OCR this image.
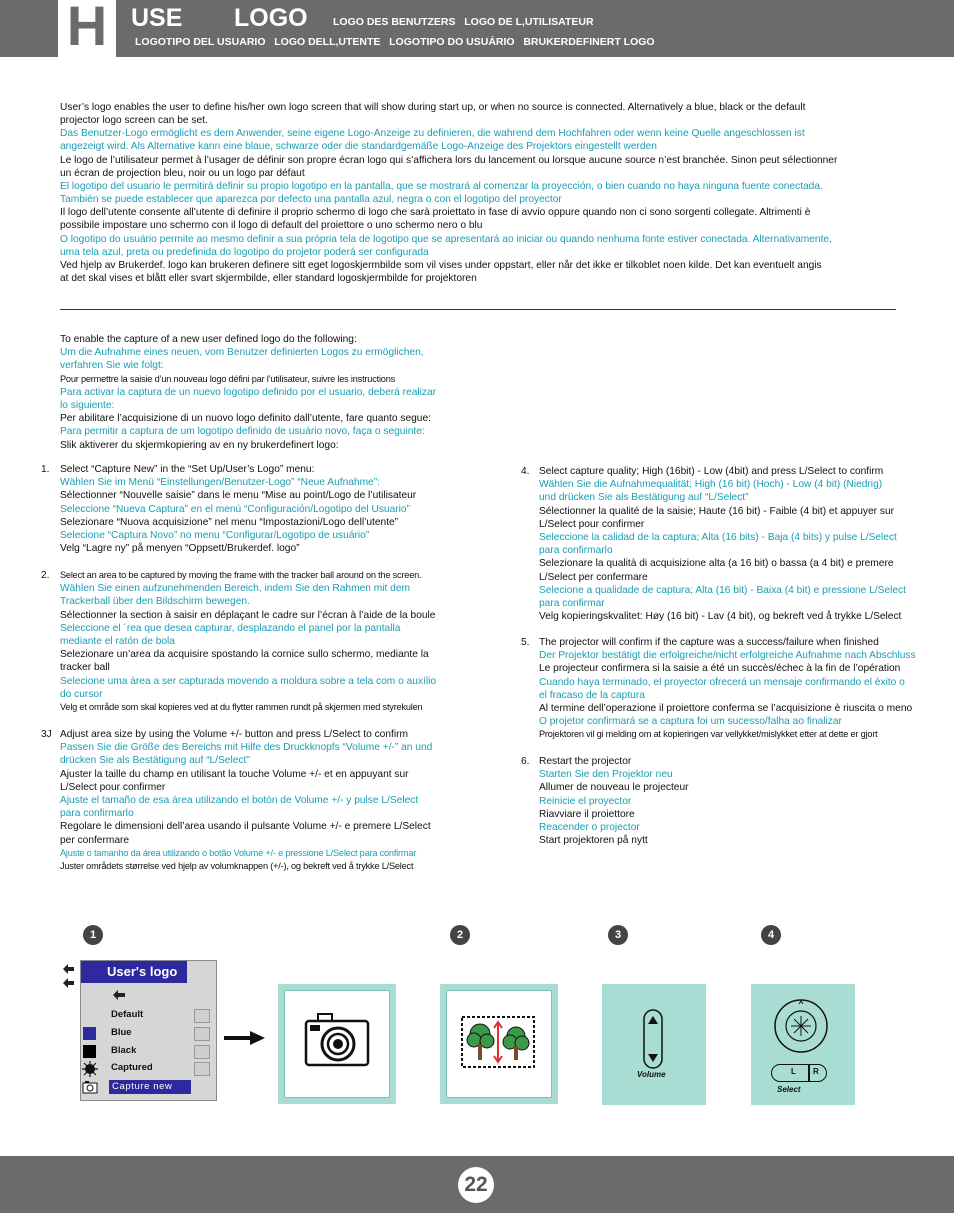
H USE LOGO LOGO DES BENUTZERS   LOGO DE L,UTILISATEUR
LOGOTIPO DEL USUARIO   LOGO DELL,UTENTE   LOGOTIPO DO USUÁRIO   BRUKERDEFINERT LOGO
User’s logo enables the user to define his/her own logo screen that will show during start up, or when no source is connected. Alternatively a blue, black or the default
projector logo screen can be set.
Das Benutzer-Logo ermöglicht es dem Anwender, seine eigene Logo-Anzeige zu definieren, die wahrend dem Hochfahren oder wenn keine Quelle angeschlossen ist
angezeigt wird. Als Alternative kann eine blaue, schwarze oder die standardgemäße Logo-Anzeige des Projektors eingestellt werden
Le logo de l’utilisateur permet à l’usager de définir son propre écran logo qui s’affichera lors du lancement ou lorsque aucune source n’est branchée. Sinon peut sélectionner
un écran de projection bleu, noir ou un logo par défaut
El logotipo del usuario le permitirá definir su propio logotipo en la pantalla, que se mostrará al comenzar la proyección, o bien cuando no haya ninguna fuente conectada.
También se puede establecer que aparezca por defecto una pantalla azul, negra o con el logotipo del proyector
Il logo dell’utente consente all’utente di definire il proprio schermo di logo che sarà proiettato in fase di avvio oppure quando non ci sono sorgenti collegate. Altrimenti è
possibile impostare uno schermo con il logo di default del proiettore o uno schermo nero o blu
O logotipo do usuário permite ao mesmo definir a sua própria tela de logotipo que se apresentará ao iniciar ou quando nenhuma fonte estiver conectada. Alternativamente,
uma tela azul, preta ou predefinida do logotipo do projetor poderá ser configurada
Ved hjelp av Brukerdef. logo kan brukeren definere sitt eget logoskjermbilde som vil vises under oppstart, eller når det ikke er tilkoblet noen kilde. Det kan eventuelt angis
at det skal vises et blått eller svart skjermbilde, eller standard logoskjermbilde for projektoren
To enable the capture of a new user defined logo do the following:
Um die Aufnahme eines neuen, vom Benutzer definierten Logos zu ermöglichen,
verfahren Sie wie folgt:
Pour permettre la saisie d’un nouveau logo défini par l’utilisateur, suivre les instructions
Para activar la captura de un nuevo logotipo definido por el usuario, deberá realizar
lo siguiente:
Per abilitare l’acquisizione di un nuovo logo definito dall’utente, fare quanto segue:
Para permitir a captura de um logotipo definido de usuário novo, faça o seguinte:
Slik aktiverer du skjermkopiering av en ny brukerdefinert logo:
1. Select “Capture New” in the “Set Up/User’s Logo” menu:
Wählen Sie im Menü “Einstellungen/Benutzer-Logo” “Neue Aufnahme”:
Sélectionner “Nouvelle saisie” dans le menu “Mise au point/Logo de l’utilisateur
Seleccione “Nueva Captura” en el menú “Configuración/Logotipo del Usuario”
Selezionare “Nuova acquisizione” nel menu “Impostazioni/Logo dell’utente”
Selecione “Captura Novo” no menu “Configurar/Logotipo de usuário”
Velg “Lagre ny” på menyen “Oppsett/Brukerdef. logo”
2. Select an area to be captured by moving the frame with the tracker ball around on the screen.
Wählen Sie einen aufzunehmenden Bereich, indem Sie den Rahmen mit dem
Trackerball über den Bildschirm bewegen.
Sélectionner la section à saisir en déplaçant le cadre sur l’écran à l’aide de la boule
Seleccione el ´rea que desea capturar, desplazando el panel por la pantalla
mediante el ratón de bola
Selezionare un’area da acquisire spostando la cornice sullo schermo, mediante la
tracker ball
Selecione uma área a ser capturada movendo a moldura sobre a tela com o auxílio
do cursor
Velg et område som skal kopieres ved at du flytter rammen rundt på skjermen med styrekulen
3J Adjust area size by using the Volume +/- button and press L/Select to confirm
Passen Sie die Größe des Bereichs mit Hilfe des Druckknopfs “Volume +/-” an und
drücken Sie als Bestätigung auf “L/Select”
Ajuster la taille du champ en utilisant la touche Volume +/- et en appuyant sur
L/Select pour confirmer
Ajuste el tamaño de esa área utilizando el botón de Volume +/- y pulse L/Select
para confirmarlo
Regolare le dimensioni dell’area usando il pulsante Volume +/- e premere L/Select
per confermare
Ajuste o tamanho da área utilizando o botão Volume +/- e pressione L/Select para confirmar
Juster områdets størrelse ved hjelp av volumknappen (+/-), og bekreft ved å trykke L/Select
4. Select capture quality; High (16bit) - Low (4bit) and press L/Select to confirm
Wählen Sie die Aufnahmequalität; High (16 bit) (Hoch) - Low (4 bit) (Niedrig)
und drücken Sie als Bestätigung auf “L/Select”
Sélectionner la qualité de la saisie; Haute (16 bit) - Faible (4 bit) et appuyer sur
L/Select pour confirmer
Seleccione la calidad de la captura; Alta (16 bits) - Baja (4 bits) y pulse L/Select
para confirmarlo
Selezionare la qualità di acquisizione alta (a 16 bit) o bassa (a 4 bit) e premere
L/Select per confermare
Selecione a qualidade de captura; Alta (16 bit) - Baixa (4 bit) e pressione L/Select
para confirmar
Velg kopieringskvalitet: Høy (16 bit) - Lav (4 bit), og bekreft ved å trykke L/Select
5. The projector will confirm if the capture was a success/failure when finished
Der Projektor bestätigt die erfolgreiche/nicht erfolgreiche Aufnahme nach Abschluss
Le projecteur confirmera si la saisie a été un succès/échec à la fin de l’opération
Cuando haya terminado, el proyector ofrecerá un mensaje confirmando el éxito o
el fracaso de la captura
Al termine dell’operazione il proiettore conferma se l’acquisizione è riuscita o meno
O projetor confirmará se a captura foi um sucesso/falha ao finalizar
Projektoren vil gi melding om at kopieringen var vellykket/mislykket etter at dette er gjort
6. Restart the projector
Starten Sie den Projektor neu
Allumer de nouveau le projecteur
Reinicie el proyector
Riavviare il proiettore
Reacender o projector
Start projektoren på nytt
1	2	3	4
User's logo
Default
Blue
Black
Captured
Capture new
Volume	L R
Select
22
